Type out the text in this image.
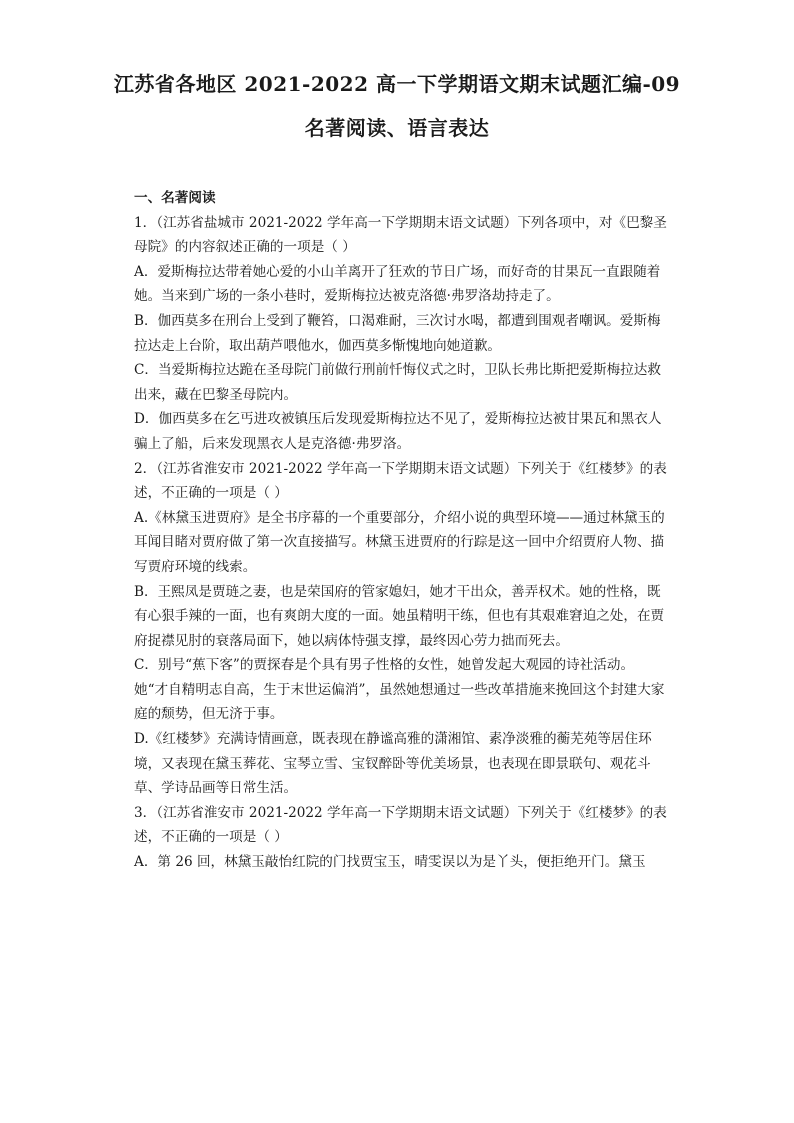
江苏省各地区 2021-2022 高一下学期语文期末试题汇编-09
名著阅读、语言表达

一、名著阅读

1．（江苏省盐城市 2021-2022 学年高一下学期期末语文试题）下列各项中，对《巴黎圣母院》的内容叙述正确的一项是（ ）

A．爱斯梅拉达带着她心爱的小山羊离开了狂欢的节日广场，而好奇的甘果瓦一直跟随着她。当来到广场的一条小巷时，爱斯梅拉达被克洛德·弗罗洛劫持走了。

B．伽西莫多在刑台上受到了鞭笞，口渴难耐，三次讨水喝，都遭到围观者嘲讽。爱斯梅拉达走上台阶，取出葫芦喂他水，伽西莫多惭愧地向她道歉。

C．当爱斯梅拉达跪在圣母院门前做行刑前忏悔仪式之时，卫队长弗比斯把爱斯梅拉达救出来，藏在巴黎圣母院内。

D．伽西莫多在乞丐进攻被镇压后发现爱斯梅拉达不见了，爱斯梅拉达被甘果瓦和黑衣人骗上了船，后来发现黑衣人是克洛德·弗罗洛。

2．（江苏省淮安市 2021-2022 学年高一下学期期末语文试题）下列关于《红楼梦》的表述，不正确的一项是（ ）

A.《林黛玉进贾府》是全书序幕的一个重要部分，介绍小说的典型环境——通过林黛玉的耳闻目睹对贾府做了第一次直接描写。林黛玉进贾府的行踪是这一回中介绍贾府人物、描写贾府环境的线索。

B．王熙凤是贾琏之妻，也是荣国府的管家媳妇，她才干出众，善弄权术。她的性格，既有心狠手辣的一面，也有爽朗大度的一面。她虽精明干练，但也有其艰难窘迫之处，在贾府捉襟见肘的衰落局面下，她以病体恃强支撑，最终因心劳力拙而死去。

C．别号“蕉下客”的贾探春是个具有男子性格的女性，她曾发起大观园的诗社活动。她“才自精明志自高，生于末世运偏消”，虽然她想通过一些改革措施来挽回这个封建大家庭的颓势，但无济于事。

D.《红楼梦》充满诗情画意，既表现在静谧高雅的潇湘馆、素净淡雅的蘅芜苑等居住环境，又表现在黛玉葬花、宝琴立雪、宝钗醉卧等优美场景，也表现在即景联句、观花斗草、学诗品画等日常生活。

3．（江苏省淮安市 2021-2022 学年高一下学期期末语文试题）下列关于《红楼梦》的表述，不正确的一项是（ ）

A．第 26 回，林黛玉敲怡红院的门找贾宝玉，晴雯误以为是丫头，便拒绝开门。黛玉
